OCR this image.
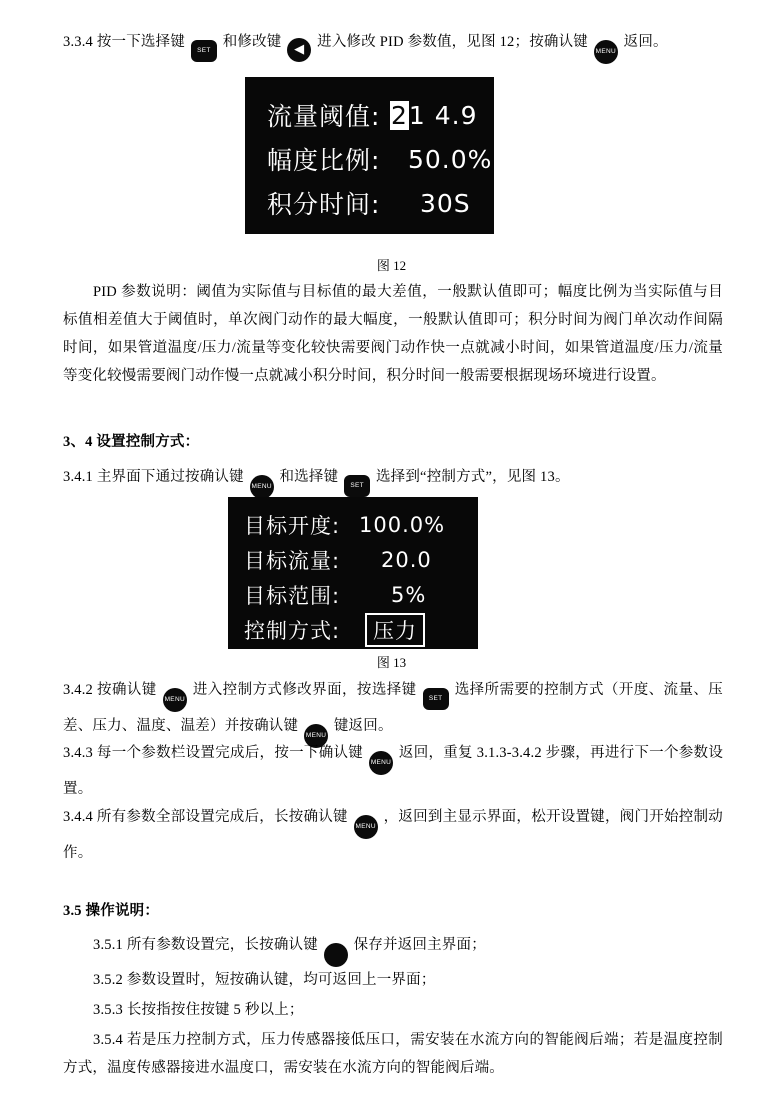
3.3.4 按一下选择键 SET 和修改键 ◀ 进入修改 PID 参数值，见图 12；按确认键 MENU 返回。

流量阈值: 21 4.9
幅度比例:	50.0%
积分时间:	30S
图 12

PID 参数说明：阈值为实际值与目标值的最大差值，一般默认值即可；幅度比例为当实际值与目标值相差值大于阈值时，单次阀门动作的最大幅度，一般默认值即可；积分时间为阀门单次动作间隔时间，如果管道温度/压力/流量等变化较快需要阀门动作快一点就减小时间，如果管道温度/压力/流量等变化较慢需要阀门动作慢一点就减小积分时间，积分时间一般需要根据现场环境进行设置。

3、4 设置控制方式：

3.4.1 主界面下通过按确认键 MENU 和选择键 SET 选择到“控制方式”，见图 13。

目标开度: 100.0%
目标流量:	20.0
目标范围:	5%
控制方式:	压力
图 13

3.4.2 按确认键 MENU 进入控制方式修改界面，按选择键 SET 选择所需要的控制方式（开度、流量、压差、压力、温度、温差）并按确认键 MENU 键返回。

3.4.3 每一个参数栏设置完成后，按一下确认键 MENU 返回，重复 3.1.3-3.4.2 步骤，再进行下一个参数设置。

3.4.4 所有参数全部设置完成后，长按确认键 MENU ，返回到主显示界面，松开设置键，阀门开始控制动作。

3.5 操作说明：

3.5.1 所有参数设置完，长按确认键 MENU 保存并返回主界面；

3.5.2 参数设置时，短按确认键，均可返回上一界面；

3.5.3 长按指按住按键 5 秒以上；

3.5.4 若是压力控制方式，压力传感器接低压口，需安装在水流方向的智能阀后端；若是温度控制方式，温度传感器接进水温度口，需安装在水流方向的智能阀后端。
